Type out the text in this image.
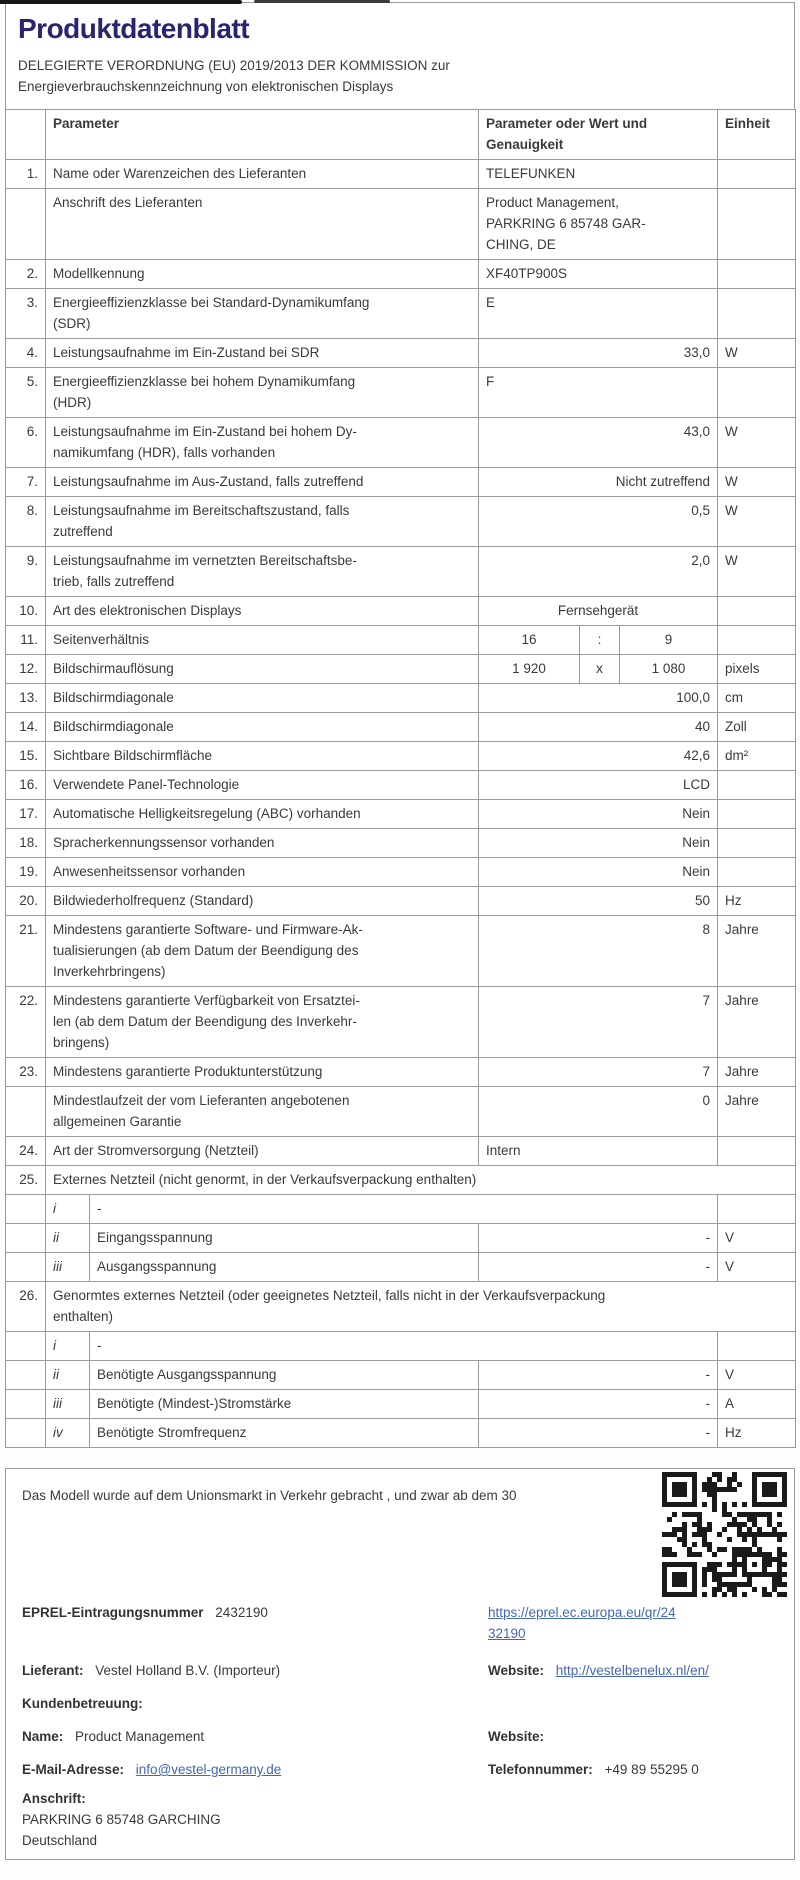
Produktdatenblatt
DELEGIERTE VERORDNUNG (EU) 2019/2013 DER KOMMISSION zur
Energieverbrauchskennzeichnung von elektronischen Displays
	Parameter		Parameter oder Wert und
Genauigkeit			Einheit
1.	Name oder Warenzeichen des Lieferanten		TELEFUNKEN			
	Anschrift des Lieferanten		Product Management,
PARKRING 6 85748 GAR-
CHING, DE			
2.	Modellkennung		XF40TP900S			
3.	Energieeffizienzklasse bei Standard-Dynamikumfang
(SDR)		E			
4.	Leistungsaufnahme im Ein-Zustand bei SDR		33,0			W
5.	Energieeffizienzklasse bei hohem Dynamikumfang
(HDR)		F			
6.	Leistungsaufnahme im Ein-Zustand bei hohem Dy-
namikumfang (HDR), falls vorhanden		43,0			W
7.	Leistungsaufnahme im Aus-Zustand, falls zutreffend		Nicht zutreffend			W
8.	Leistungsaufnahme im Bereitschaftszustand, falls
zutreffend		0,5			W
9.	Leistungsaufnahme im vernetzten Bereitschaftsbe-
trieb, falls zutreffend		2,0			W
10.	Art des elektronischen Displays		Fernsehgerät			
11.	Seitenverhältnis		16	:	9	
12.	Bildschirmauflösung		1 920	x	1 080	pixels
13.	Bildschirmdiagonale		100,0			cm
14.	Bildschirmdiagonale		40			Zoll
15.	Sichtbare Bildschirmfläche		42,6			dm²
16.	Verwendete Panel-Technologie		LCD			
17.	Automatische Helligkeitsregelung (ABC) vorhanden		Nein			
18.	Spracherkennungssensor vorhanden		Nein			
19.	Anwesenheitssensor vorhanden		Nein			
20.	Bildwiederholfrequenz (Standard)		50			Hz
21.	Mindestens garantierte Software- und Firmware-Ak-
tualisierungen (ab dem Datum der Beendigung des
Inverkehrbringens)		8			Jahre
22.	Mindestens garantierte Verfügbarkeit von Ersatztei-
len (ab dem Datum der Beendigung des Inverkehr-
bringens)		7			Jahre
23.	Mindestens garantierte Produktunterstützung		7			Jahre
	Mindestlaufzeit der vom Lieferanten angebotenen
allgemeinen Garantie		0			Jahre
24.	Art der Stromversorgung (Netzteil)		Intern			
25.	Externes Netzteil (nicht genormt, in der Verkaufsverpackung enthalten)					
	i	-				
	ii	Eingangsspannung	-			V
	iii	Ausgangsspannung	-			V
26.	Genormtes externes Netzteil (oder geeignetes Netzteil, falls nicht in der Verkaufsverpackung
enthalten)					
	i	-				
	ii	Benötigte Ausgangsspannung	-			V
	iii	Benötigte (Mindest-)Stromstärke	-			A
	iv	Benötigte Stromfrequenz	-			Hz
Das Modell wurde auf dem Unionsmarkt in Verkehr gebracht , und zwar ab dem 30
EPREL-Eintragungsnummer 2432190	https://eprel.ec.europa.eu/qr/24
32190
Lieferant: Vestel Holland B.V. (Importeur)	Website: http://vestelbenelux.nl/en/
Kundenbetreuung:
Name: Product Management	Website:
E-Mail-Adresse: info@vestel-germany.de	Telefonnummer: +49 89 55295 0
Anschrift:
PARKRING 6 85748 GARCHING
Deutschland
